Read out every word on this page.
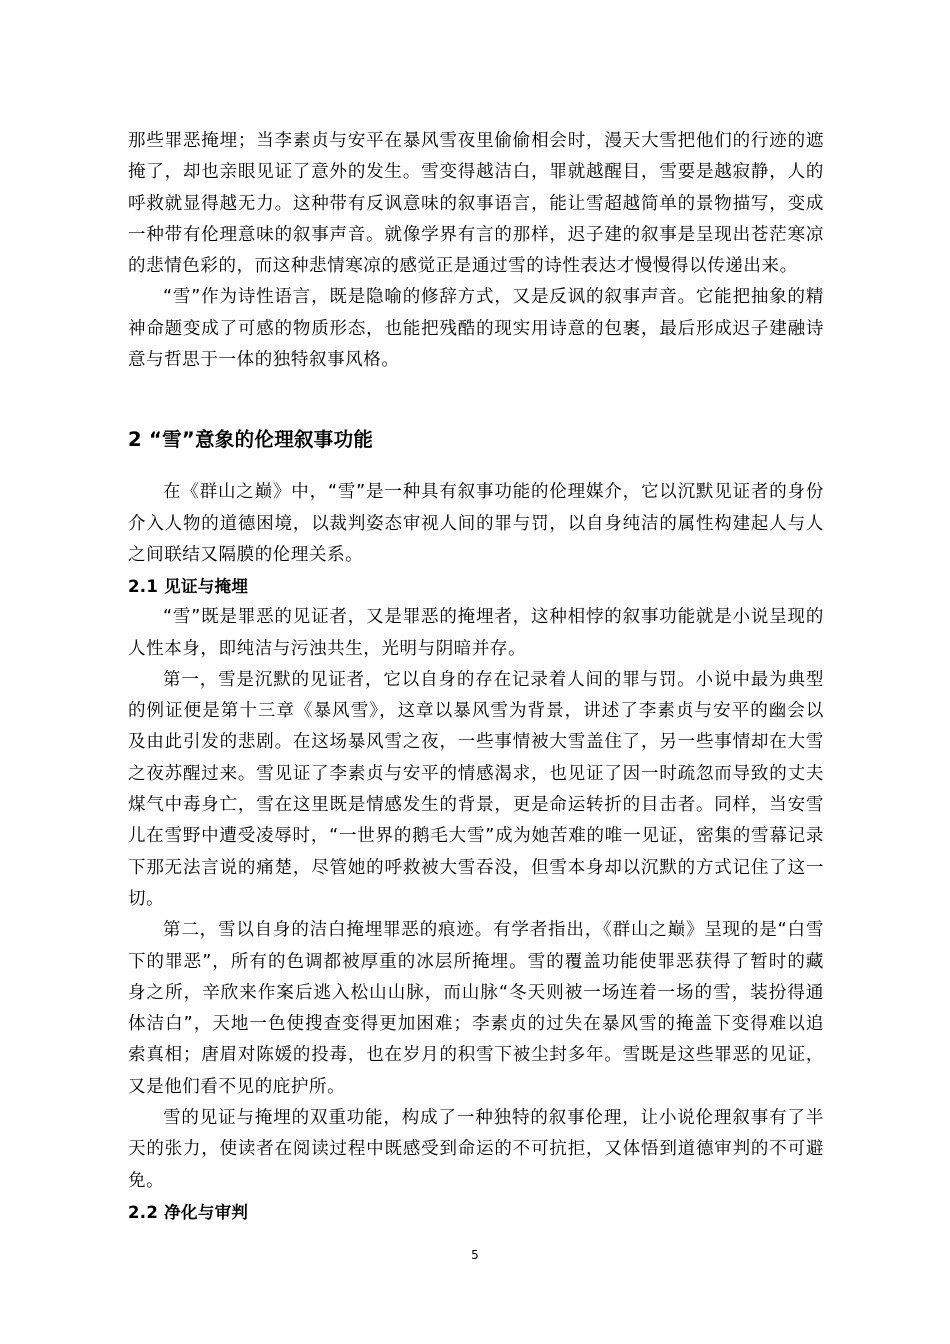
那些罪恶掩埋；当李素贞与安平在暴风雪夜里偷偷相会时，漫天大雪把他们的行迹的遮掩了，却也亲眼见证了意外的发生。雪变得越洁白，罪就越醒目，雪要是越寂静，人的呼救就显得越无力。这种带有反讽意味的叙事语言，能让雪超越简单的景物描写，变成一种带有伦理意味的叙事声音。就像学界有言的那样，迟子建的叙事是呈现出苍茫寒凉的悲情色彩的，而这种悲情寒凉的感觉正是通过雪的诗性表达才慢慢得以传递出来。

“雪”作为诗性语言，既是隐喻的修辞方式，又是反讽的叙事声音。它能把抽象的精神命题变成了可感的物质形态，也能把残酷的现实用诗意的包裹，最后形成迟子建融诗意与哲思于一体的独特叙事风格。

2 “雪”意象的伦理叙事功能

在《群山之巅》中，“雪”是一种具有叙事功能的伦理媒介，它以沉默见证者的身份介入人物的道德困境，以裁判姿态审视人间的罪与罚，以自身纯洁的属性构建起人与人之间联结又隔膜的伦理关系。

2.1 见证与掩埋

“雪”既是罪恶的见证者，又是罪恶的掩埋者，这种相悖的叙事功能就是小说呈现的人性本身，即纯洁与污浊共生，光明与阴暗并存。

第一，雪是沉默的见证者，它以自身的存在记录着人间的罪与罚。小说中最为典型的例证便是第十三章《暴风雪》，这章以暴风雪为背景，讲述了李素贞与安平的幽会以及由此引发的悲剧。在这场暴风雪之夜，一些事情被大雪盖住了，另一些事情却在大雪之夜苏醒过来。雪见证了李素贞与安平的情感渴求，也见证了因一时疏忽而导致的丈夫煤气中毒身亡，雪在这里既是情感发生的背景，更是命运转折的目击者。同样，当安雪儿在雪野中遭受凌辱时，“一世界的鹅毛大雪”成为她苦难的唯一见证，密集的雪幕记录下那无法言说的痛楚，尽管她的呼救被大雪吞没，但雪本身却以沉默的方式记住了这一切。

第二，雪以自身的洁白掩埋罪恶的痕迹。有学者指出，《群山之巅》呈现的是“白雪下的罪恶”，所有的色调都被厚重的冰层所掩埋。雪的覆盖功能使罪恶获得了暂时的藏身之所，辛欣来作案后逃入松山山脉，而山脉“冬天则被一场连着一场的雪，装扮得通体洁白”，天地一色使搜查变得更加困难；李素贞的过失在暴风雪的掩盖下变得难以追索真相；唐眉对陈媛的投毒，也在岁月的积雪下被尘封多年。雪既是这些罪恶的见证，又是他们看不见的庇护所。

雪的见证与掩埋的双重功能，构成了一种独特的叙事伦理，让小说伦理叙事有了半天的张力，使读者在阅读过程中既感受到命运的不可抗拒，又体悟到道德审判的不可避免。

2.2 净化与审判
5
